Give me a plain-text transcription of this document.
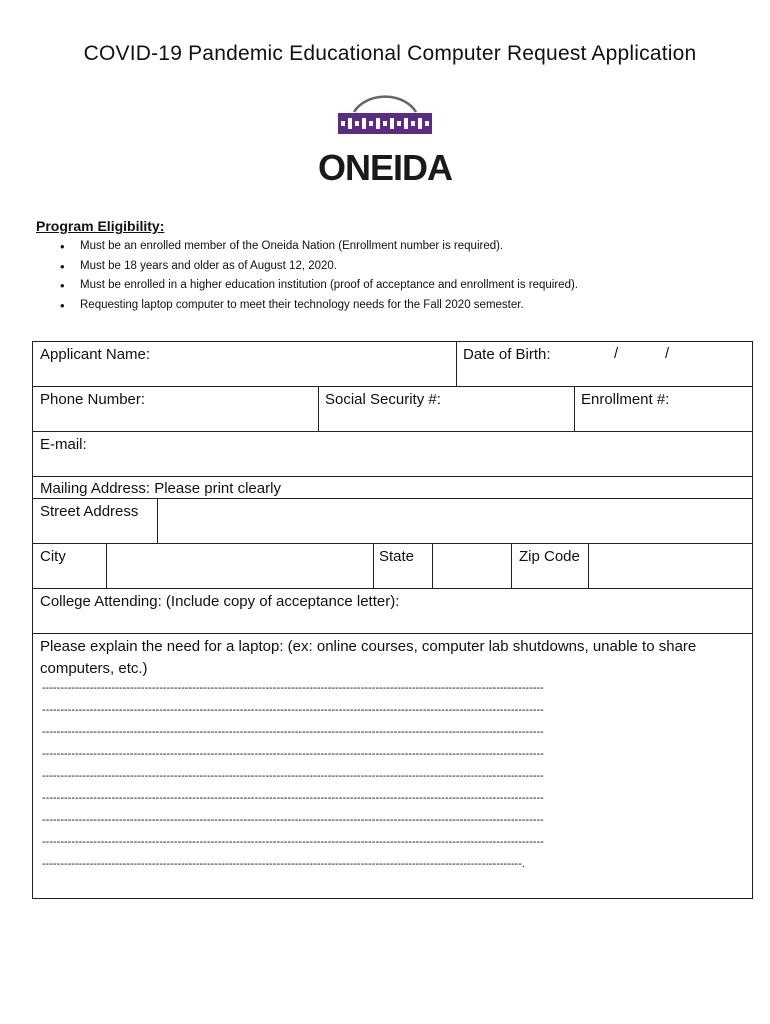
COVID-19 Pandemic Educational Computer Request Application
ONEIDA
Program Eligibility:
• Must be an enrolled member of the Oneida Nation (Enrollment number is required).
• Must be 18 years and older as of August 12, 2020.
• Must be enrolled in a higher education institution (proof of acceptance and enrollment is required).
• Requesting laptop computer to meet their technology needs for the Fall 2020 semester.
Applicant Name:	Date of Birth:	/	/
Phone Number:	Social Security #:	Enrollment #:
E-mail:
Mailing Address: Please print clearly
Street Address
City	State	Zip Code
College Attending: (Include copy of acceptance letter):
Please explain the need for a laptop: (ex: online courses, computer lab shutdowns, unable to share
computers, etc.)
-----------------------------------------------------------------------------------------------------------------------------------------
-----------------------------------------------------------------------------------------------------------------------------------------
-----------------------------------------------------------------------------------------------------------------------------------------
-----------------------------------------------------------------------------------------------------------------------------------------
-----------------------------------------------------------------------------------------------------------------------------------------
-----------------------------------------------------------------------------------------------------------------------------------------
-----------------------------------------------------------------------------------------------------------------------------------------
-----------------------------------------------------------------------------------------------------------------------------------------
-----------------------------------------------------------------------------------------------------------------------------------.
